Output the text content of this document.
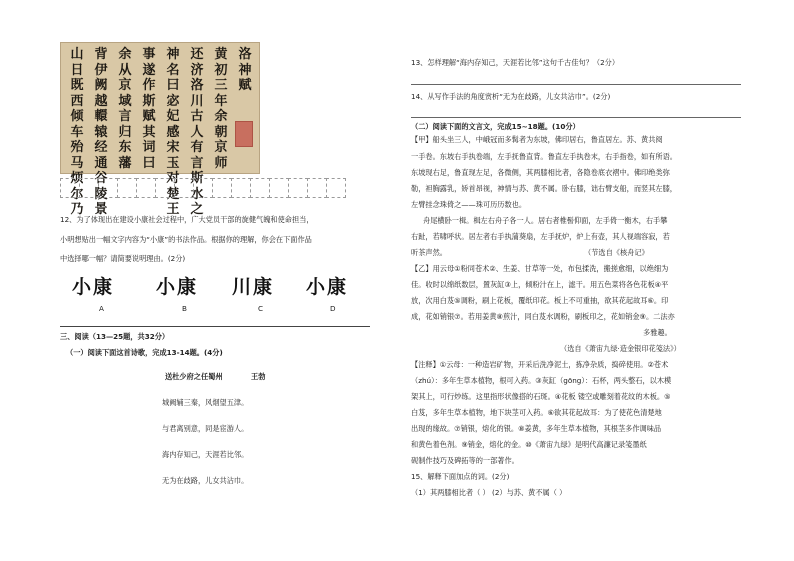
洛
神
赋
黄
初
三
年
余
朝
京
师
还
济
洛
川
古
人
有
言
斯
水
之
神
名
曰
宓
妃
感
宋
玉
对
楚
王
事
遂
作
斯
赋
其
词
曰
余
从
京
域
言
归
东
藩
背
伊
阙
越
轘
辕
经
通
谷
陵
景
山
日
既
西
倾
车
殆
马
烦
尔
乃
12、为了体现出在建设小康社会过程中，广大党员干部的旋健气魄和使命担当，
小明想贴出一幅文字内容为“小康”的书法作品。根据你的理解，你会在下面作品
中选择哪一幅？请简要说明理由。(2分)
小康 小康 川康 小康
A	B	C	D
三、阅读（13—25题，共32分）
（一）阅读下面这首诗歌，完成13-14题。(4分)
送杜少府之任蜀州	王勃
城阙辅三秦，风烟望五津。
与君离别意，同是宦游人。
海内存知己，天涯若比邻。
无为在歧路，儿女共沾巾。
13、怎样理解“海内存知己，天涯若比邻”这句千古佳句？（2分）
14、从写作手法的角度赏析“无为在歧路，儿女共沾巾”。(2分)
（二）阅读下面的文言文，完成15~18题。(10分）
【甲】船头坐三人，中峨冠而多髯者为东坡，佛印居右，鲁直居左。苏、黄共阅
一手卷。东坡右手执卷端，左手抚鲁直背。鲁直左手执卷末，右手指卷，如有所语。
东坡现右足，鲁直现左足，各微侧，其两膝相比者，各隐卷底衣褶中。佛印绝类弥
勒，袒胸露乳，矫首昂视，神情与苏、黄不属。卧右膝，诎右臂支船，而竖其左膝，
左臂挂念珠倚之——珠可历历数也。
舟尾横卧一楫。楫左右舟子各一人。居右者椎髻仰面，左手倚一衡木，右手攀
右趾，若啸呼状。居左者右手执蒲葵扇，左手抚炉，炉上有壶，其人视端容寂，若
听茶声然。	（节选自《核舟记》
【乙】用云母①粉同苍术②、生姜、甘草等一处，布包揉洗，搬搓愈细，以绝细为
佳。收时以绵纸数层，置灰缸③上，倾粉汁在上，滤干。用五色菜将各色花板④平
放，次用白芨⑤调粉，刷上花板，覆纸印花。板上不可重抽，欲其花起故耳⑥。印
成，花如销银⑦。若用姜黄⑧煎汁，同白芨水调粉，刷板印之，花如销金⑨。二法亦
多雅趣。
（选自《萧宙九绿·造金银印花笺法》）
【注释】①云母：一种造岩矿物，开采后洗净泥土，拣净杂质，捣碎使用。②苍术
（zhú）：多年生草本植物，根可入药。③灰缸（gōng）：石杯，两头整石，以木模
架其上，可行炒练。这里指形状像搭的石斑。④花板 镂空或雕刻着花纹的木板。⑤
白芨，多年生草本植物，地下块茎可入药。⑥欲其花起故耳：为了使花色清楚地
出现的缘故。⑦销银，熔化的银。⑧姜黄，多年生草本植物，其根茎多作调味品
和黄色着色剂。⑨销金，熔化的金。⑩《萧宙九绿》是明代高濂记录笺墨纸
砚制作技巧及碑拓等的一部著作。
15、解释下面加点的词。(2分)
（1）其两膝相比者（ ） (2）与苏、黄不属（ ）
